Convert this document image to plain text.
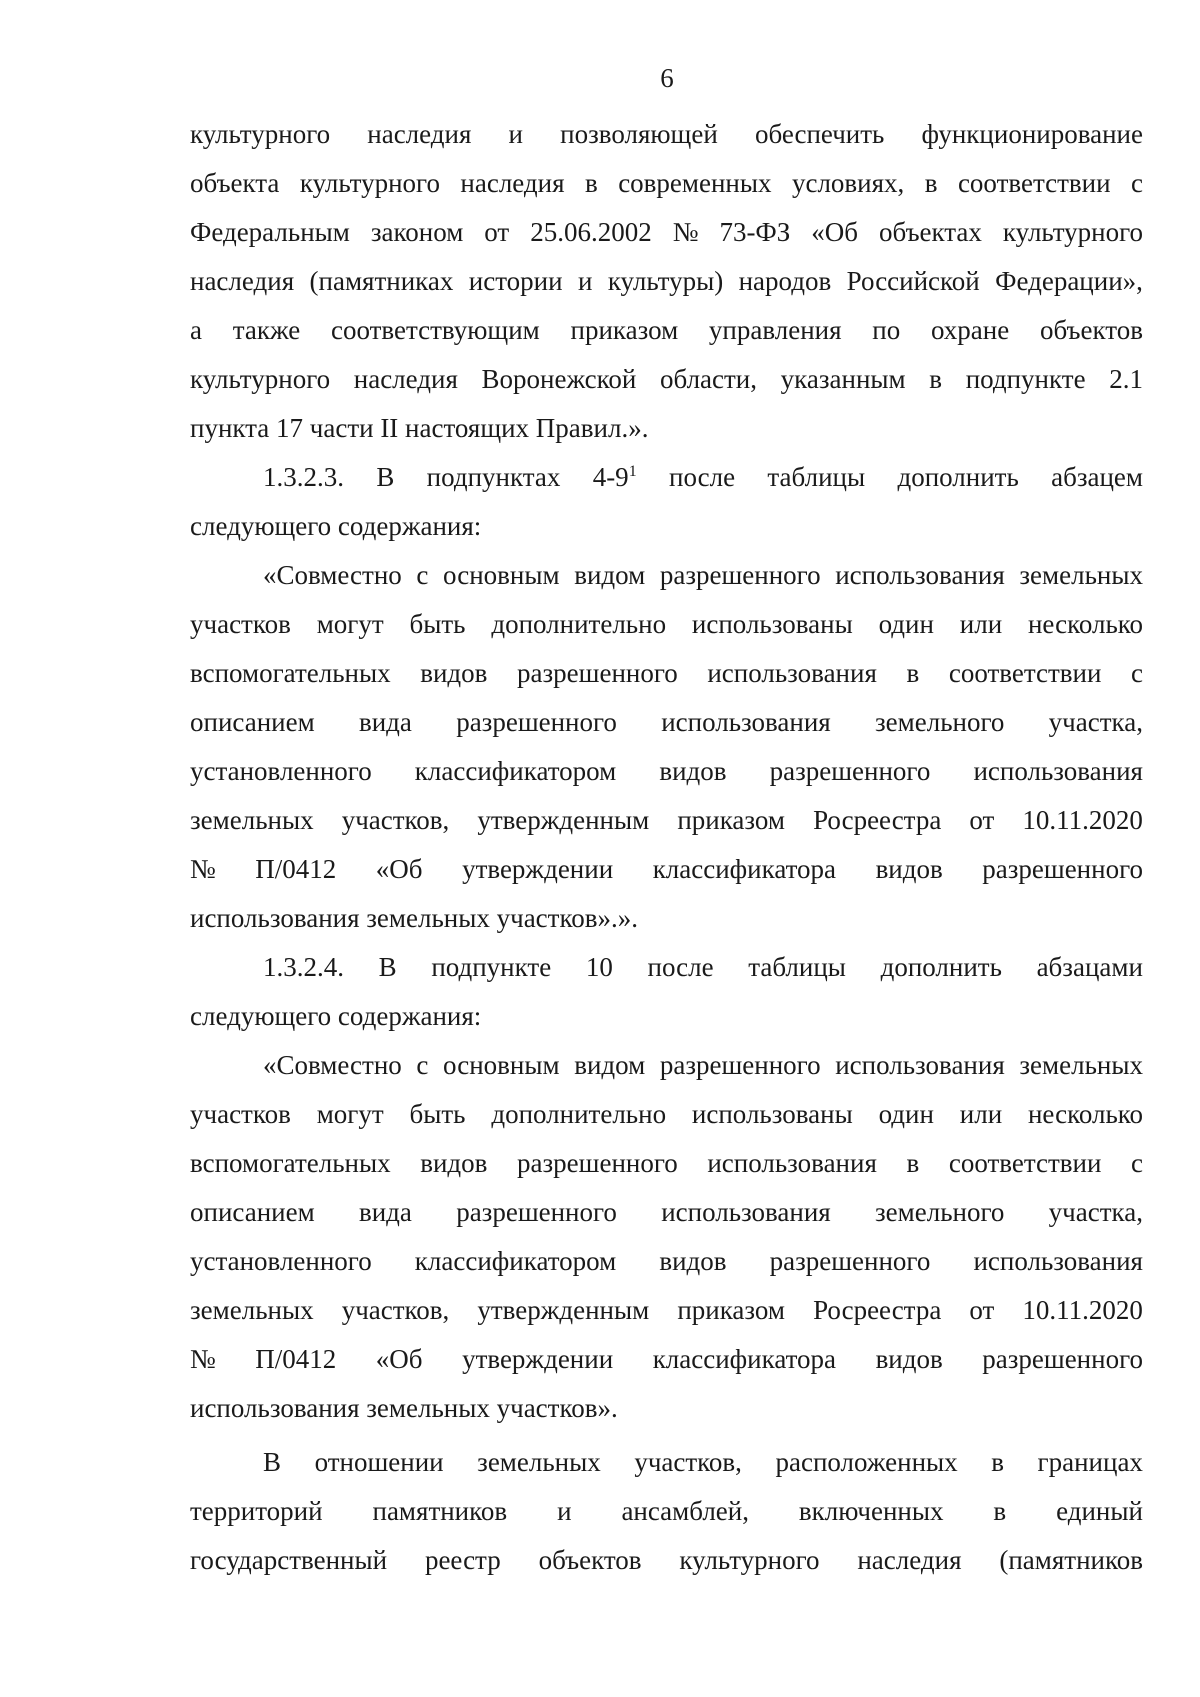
6
культурного наследия и позволяющей обеспечить функционирование
объекта культурного наследия в современных условиях, в соответствии с
Федеральным законом от 25.06.2002 № 73-ФЗ «Об объектах культурного
наследия (памятниках истории и культуры) народов Российской Федерации»,
а также соответствующим приказом управления по охране объектов
культурного наследия Воронежской области, указанным в подпункте 2.1
пункта 17 части II настоящих Правил.».
1.3.2.3. В подпунктах $4-9^1$ после таблицы дополнить абзацем
следующего содержания:
«Совместно с основным видом разрешенного использования земельных
участков могут быть дополнительно использованы один или несколько
вспомогательных видов разрешенного использования в соответствии с
описанием вида разрешенного использования земельного участка,
установленного классификатором видов разрешенного использования
земельных участков, утвержденным приказом Росреестра от 10.11.2020
№ П/0412 «Об утверждении классификатора видов разрешенного
использования земельных участков».».
1.3.2.4. В подпункте 10 после таблицы дополнить абзацами
следующего содержания:
«Совместно с основным видом разрешенного использования земельных
участков могут быть дополнительно использованы один или несколько
вспомогательных видов разрешенного использования в соответствии с
описанием вида разрешенного использования земельного участка,
установленного классификатором видов разрешенного использования
земельных участков, утвержденным приказом Росреестра от 10.11.2020
№ П/0412 «Об утверждении классификатора видов разрешенного
использования земельных участков».
В отношении земельных участков, расположенных в границах
территорий памятников и ансамблей, включенных в единый
государственный реестр объектов культурного наследия (памятников
